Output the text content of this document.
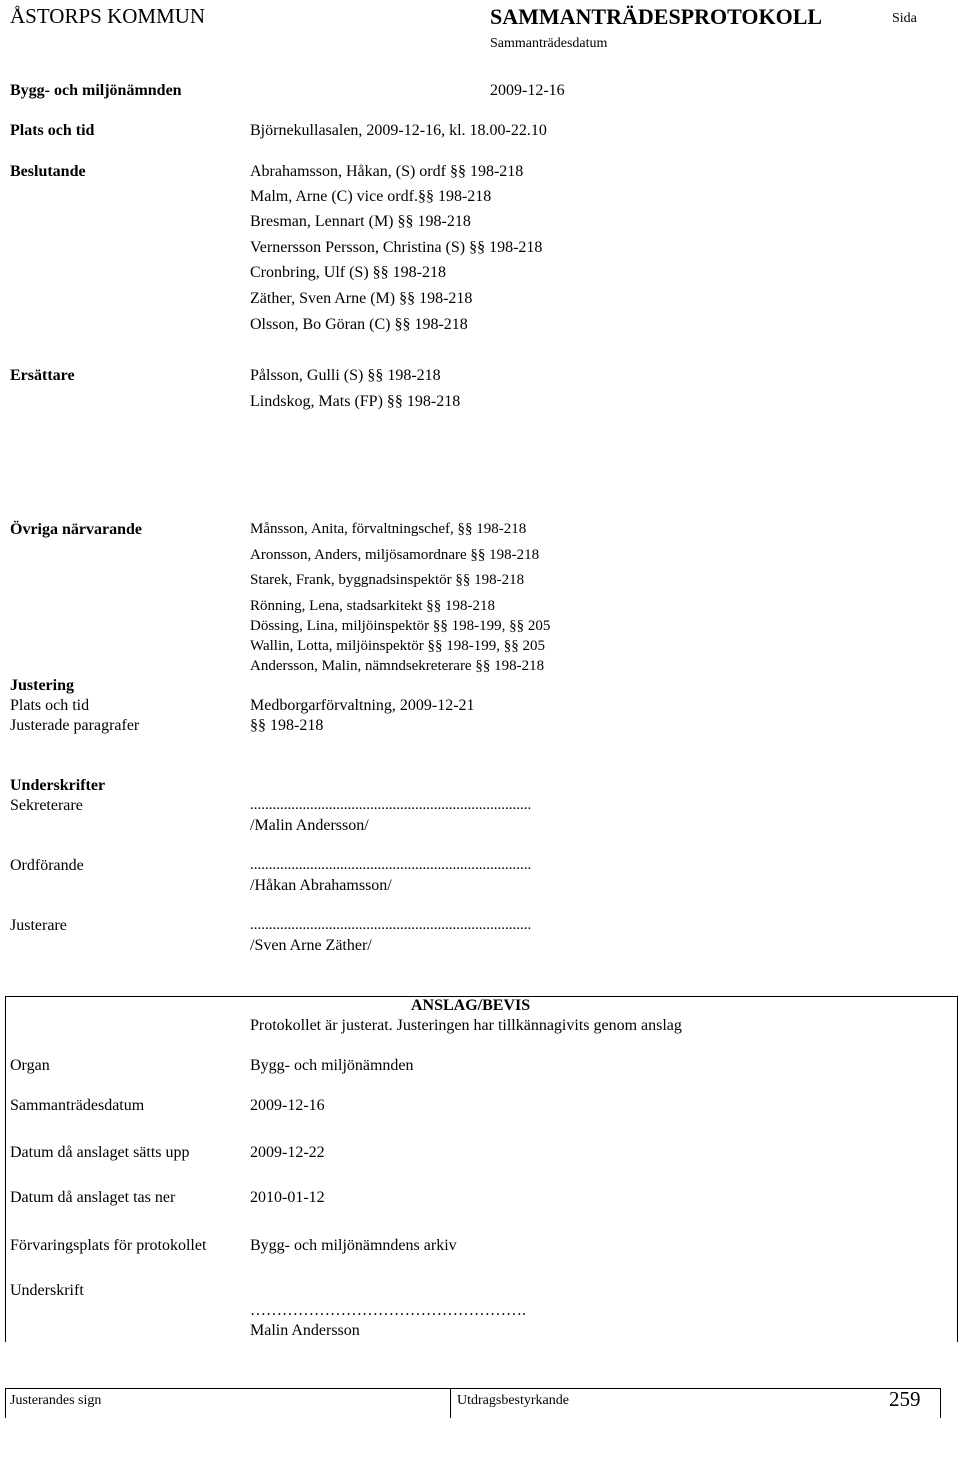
ÅSTORPS KOMMUN	SAMMANTRÄDESPROTOKOLL	Sida
Sammanträdesdatum
Bygg- och miljönämnden	2009-12-16
Plats och tid	Björnekullasalen, 2009-12-16, kl. 18.00-22.10
Beslutande	Abrahamsson, Håkan, (S) ordf §§ 198-218
Malm, Arne (C) vice ordf.§§ 198-218
Bresman, Lennart (M) §§ 198-218
Vernersson Persson, Christina (S) §§ 198-218
Cronbring, Ulf (S) §§ 198-218
Zäther, Sven Arne (M) §§ 198-218
Olsson, Bo Göran (C) §§ 198-218
Ersättare	Pålsson, Gulli (S) §§ 198-218
Lindskog, Mats (FP) §§ 198-218
Övriga närvarande	Månsson, Anita, förvaltningschef, §§ 198-218
Aronsson, Anders, miljösamordnare §§ 198-218
Starek, Frank, byggnadsinspektör §§ 198-218
Rönning, Lena, stadsarkitekt §§ 198-218
Dössing, Lina, miljöinspektör §§ 198-199, §§ 205
Wallin, Lotta, miljöinspektör §§ 198-199, §§ 205
Andersson, Malin, nämndsekreterare §§ 198-218
Justering
Plats och tid	Medborgarförvaltning, 2009-12-21
Justerade paragrafer	§§ 198-218
Underskrifter
Sekreterare	...........................................................................
/Malin Andersson/
Ordförande	...........................................................................
/Håkan Abrahamsson/
Justerare	...........................................................................
/Sven Arne Zäther/
ANSLAG/BEVIS
Protokollet är justerat. Justeringen har tillkännagivits genom anslag
Organ	Bygg- och miljönämnden
Sammanträdesdatum	2009-12-16
Datum då anslaget sätts upp	2009-12-22
Datum då anslaget tas ner	2010-01-12
Förvaringsplats för protokollet	Bygg- och miljönämndens arkiv
Underskrift
…………………………………………….
Malin Andersson
Justerandes sign	Utdragsbestyrkande	259
